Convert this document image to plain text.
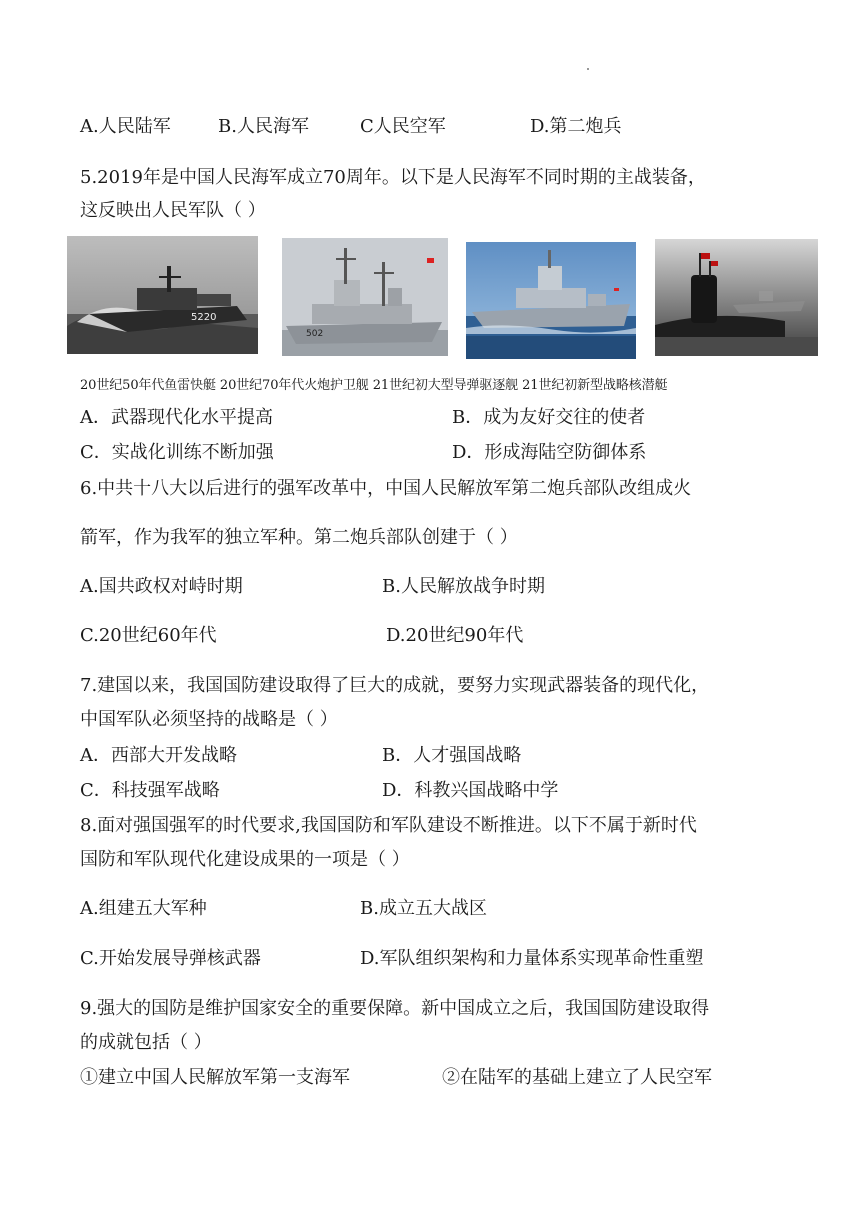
A.人民陆军	B.人民海军	C人民空军	D.第二炮兵
5.2019年是中国人民海军成立70周年。以下是人民海军不同时期的主战装备，
这反映出人民军队（ ）
5220
502
20世纪50年代鱼雷快艇 20世纪70年代火炮护卫舰 21世纪初大型导弹驱逐舰 21世纪初新型战略核潜艇
A．武器现代化水平提高	B．成为友好交往的使者
C．实战化训练不断加强	D．形成海陆空防御体系
6.中共十八大以后进行的强军改革中，中国人民解放军第二炮兵部队改组成火
箭军，作为我军的独立军种。第二炮兵部队创建于（ ）
A.国共政权对峙时期	B.人民解放战争时期
C.20世纪60年代	D.20世纪90年代
7.建国以来，我国国防建设取得了巨大的成就，要努力实现武器装备的现代化，
中国军队必须坚持的战略是（ ）
A．西部大开发战略	B．人才强国战略
C．科技强军战略	D．科教兴国战略中学
8.面对强国强军的时代要求,我国国防和军队建设不断推进。以下不属于新时代
国防和军队现代化建设成果的一项是（ ）
A.组建五大军种	B.成立五大战区
C.开始发展导弹核武器	D.军队组织架构和力量体系实现革命性重塑
9.强大的国防是维护国家安全的重要保障。新中国成立之后，我国国防建设取得
的成就包括（ ）
①建立中国人民解放军第一支海军	②在陆军的基础上建立了人民空军
